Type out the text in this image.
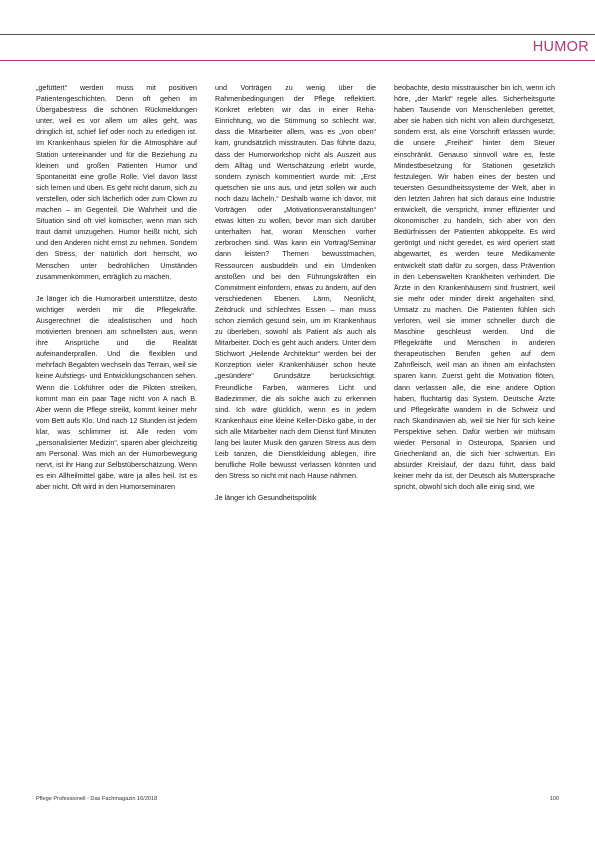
HUMOR

„gefüttert“ werden muss mit positiven Patientengeschichten. Denn oft gehen im Übergabestress die schönen Rückmeldungen unter, weil es vor allem um alles geht, was dringlich ist, schief lief oder noch zu erledigen ist. Im Krankenhaus spielen für die Atmosphäre auf Station untereinander und für die Beziehung zu kleinen und großen Patienten Humor und Spontaneität eine große Rolle. Viel davon lässt sich lernen und üben. Es geht nicht darum, sich zu verstellen, oder sich lächerlich oder zum Clown zu machen – im Gegenteil. Die Wahrheit und die Situation sind oft viel komischer, wenn man sich traut damit umzugehen. Humor heißt nicht, sich und den Anderen nicht ernst zu nehmen. Sondern den Stress, der natürlich dort herrscht, wo Menschen unter bedrohlichen Umständen zusammenkommen, erträglich zu machen.

Je länger ich die Humorarbeit unterstütze, desto wichtiger werden mir die Pflegekräfte. Ausgerechnet die idealistischen und hoch motivierten brennen am schnellsten aus, wenn ihre Ansprüche und die Realität aufeinanderprallen. Und die flexiblen und mehrfach Begabten wechseln das Terrain, weil sie keine Aufstiegs- und Entwicklungschancen sehen. Wenn die Lokführer oder die Piloten streiken, kommt man ein paar Tage nicht von A nach B. Aber wenn die Pflege streikt, kommt keiner mehr vom Bett aufs Klo. Und nach 12 Stunden ist jedem klar, was schlimmer ist. Alle reden vom „personalisierter Medizin“, sparen aber gleichzeitig am Personal. Was mich an der Humorbewegung nervt, ist ihr Hang zur Selbstüberschätzung. Wenn es ein Allheilmittel gäbe, wäre ja alles heil. Ist es aber nicht. Oft wird in den Humorseminaren

und Vorträgen zu wenig über die Rahmenbedingungen der Pflege reflektiert. Konkret erlebten wir das in einer Reha-Einrichtung, wo die Stimmung so schlecht war, dass die Mitarbeiter allem, was es „von oben“ kam, grundsätzlich misstrauten. Das führte dazu, dass der Humorworkshop nicht als Auszeit aus dem Alltag und Wertschätzung erlebt wurde, sondern zynisch kommentiert wurde mit: „Erst quetschen sie uns aus, und jetzt sollen wir auch noch dazu lächeln.“ Deshalb warne ich davor, mit Vorträgen oder „Motivationsveranstaltungen“ etwas kitten zu wollen, bevor man sich darüber unterhalten hat, woran Menschen vorher zerbrochen sind. Was kann ein Vortrag/Seminar dann leisten? Themen bewusstmachen, Ressourcen ausbuddeln und ein Umdenken anstoßen und bei den Führungskräften ein Commitment einfordern, etwas zu ändern, auf den verschiedenen Ebenen. Lärm, Neonlicht, Zeitdruck und schlechtes Essen – man muss schon ziemlich gesund sein, um im Krankenhaus zu überleben, sowohl als Patient als auch als Mitarbeiter. Doch es geht auch anders. Unter dem Stichwort „Heilende Architektur“ werden bei der Konzeption vieler Krankenhäuser schon heute „gesündere“ Grundsätze berücksichtigt. Freundliche Farben, wärmeres Licht und Badezimmer, die als solche auch zu erkennen sind. Ich wäre glücklich, wenn es in jedem Krankenhaus eine kleine Keller-Disko gäbe, in der sich alle Mitarbeiter nach dem Dienst fünf Minuten lang bei lauter Musik den ganzen Stress aus dem Leib tanzen, die Dienstkleidung ablegen, ihre berufliche Rolle bewusst verlassen könnten und den Stress so nicht mit nach Hause nähmen.

Je länger ich Gesundheitspolitik

beobachte, desto misstrauischer bin ich, wenn ich höre, „der Markt“ regele alles. Sicherheitsgurte haben Tausende von Menschenleben gerettet, aber sie haben sich nicht von allein durchgesetzt, sondern erst, als eine Vorschrift erlassen wurde; die unsere „Freiheit“ hinter dem Steuer einschränkt. Genauso sinnvoll wäre es, feste Mindestbesetzung für Stationen gesetzlich festzulegen. Wir haben eines der besten und teuersten Gesundheitssysteme der Welt, aber in den letzten Jahren hat sich daraus eine Industrie entwickelt, die verspricht, immer effizienter und ökonomischer zu handeln, sich aber von den Bedürfnissen der Patienten abkoppelte. Es wird geröntgt und nicht geredet, es wird operiert statt abgewartet, es werden teure Medikamente entwickelt statt dafür zu sorgen, dass Prävention in den Lebenswelten Krankheiten verhindert. Die Ärzte in den Krankenhäusern sind frustriert, weil sie mehr oder minder direkt angehalten sind, Umsatz zu machen. Die Patienten fühlen sich verloren, weil sie immer schneller durch die Maschine geschleust werden. Und die Pflegekräfte und Menschen in anderen therapeutischen Berufen gehen auf dem Zahnfleisch, weil man an ihnen am einfachsten sparen kann. Zuerst geht die Motivation flöten, dann verlassen alle, die eine andere Option haben, fluchtartig das System. Deutsche Ärzte und Pflegekräfte wandern in die Schweiz und nach Skandinavien ab, weil sie hier für sich keine Perspektive sehen. Dafür werben wir mühsam wieder Personal in Osteuropa, Spanien und Griechenland an, die sich hier schwertun. Ein absurder Kreislauf, der dazu führt, dass bald keiner mehr da ist, der Deutsch als Muttersprache spricht, obwohl sich doch alle einig sind, wie

Pflege Professionell - Das Fachmagazin 16/2018	100
